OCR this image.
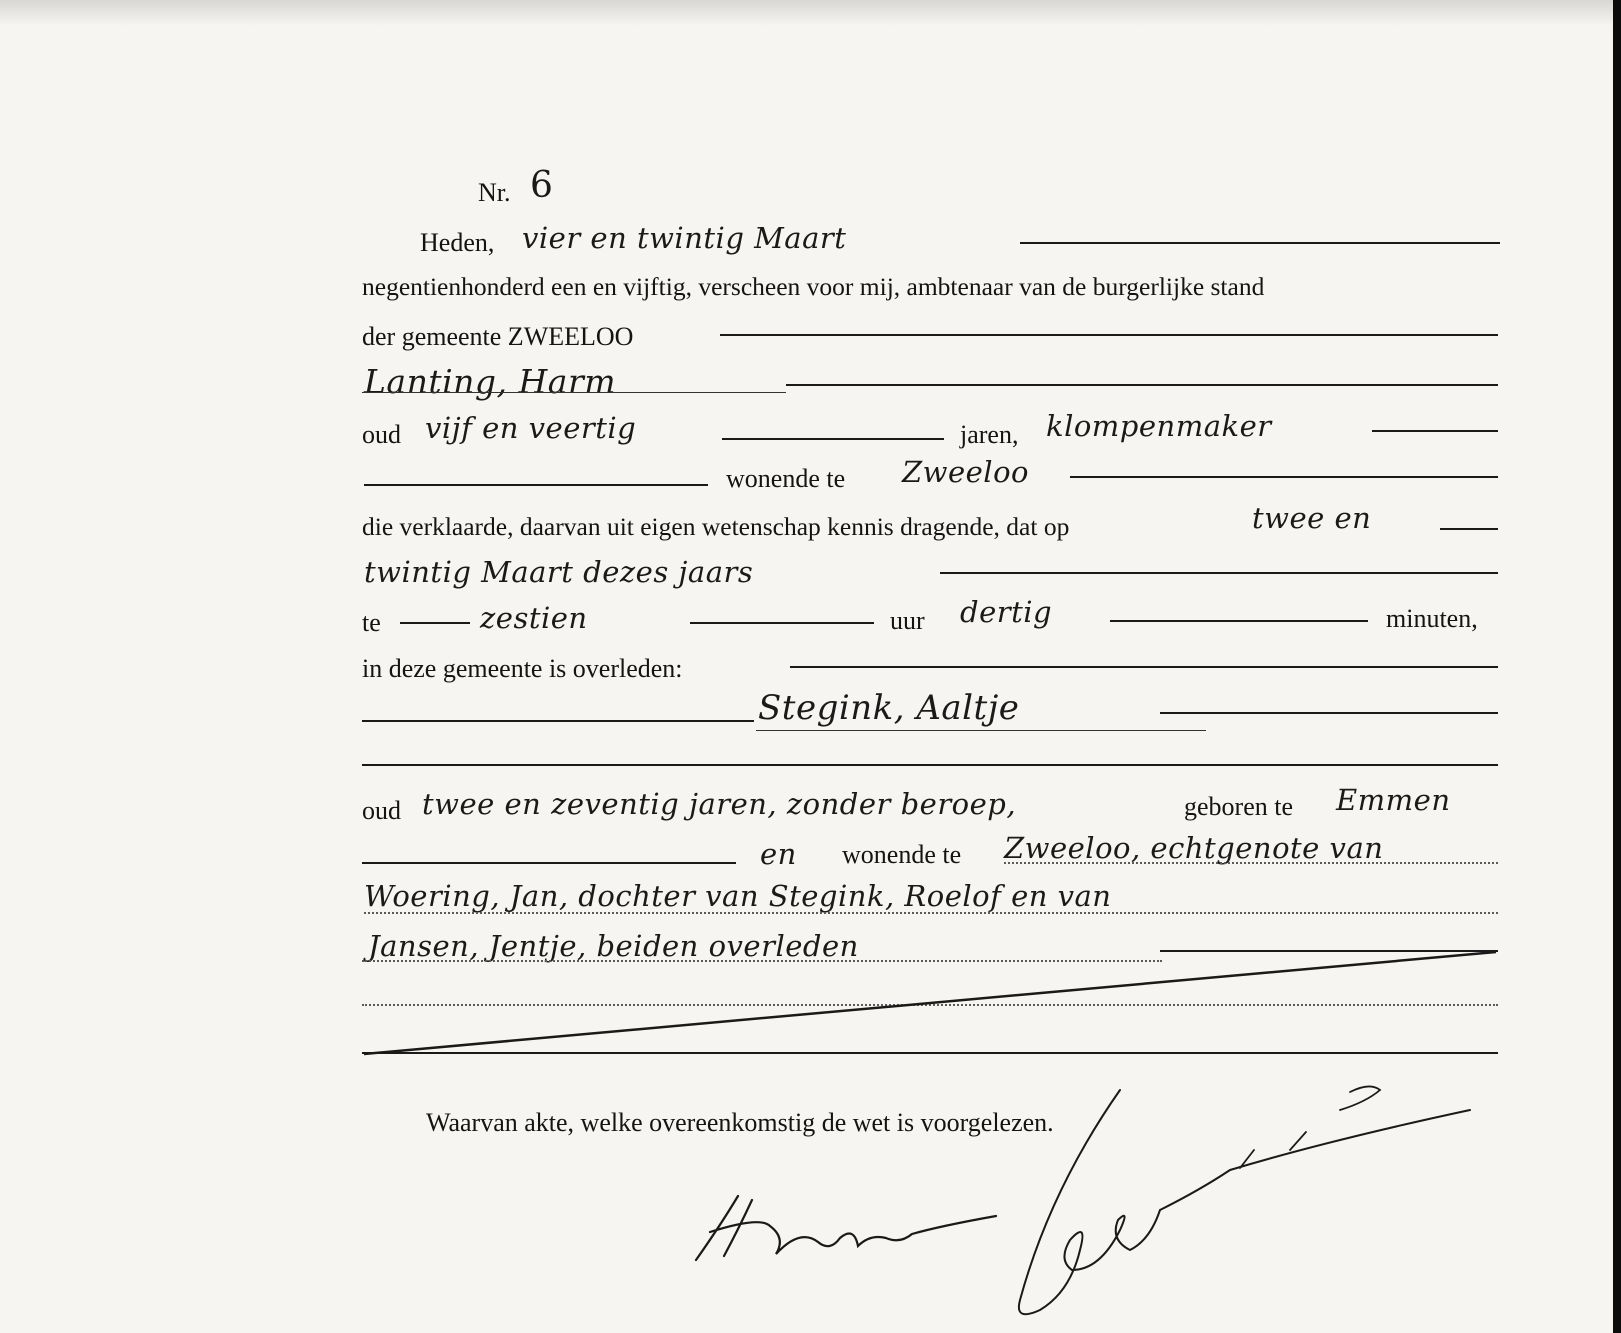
Nr. 6
Heden, vier en twintig Maart
negentienhonderd een en vijftig, verscheen voor mij, ambtenaar van de burgerlijke stand
der gemeente ZWEELOO
Lanting, Harm
oud vijf en veertig	jaren, klompenmaker
wonende te Zweeloo
die verklaarde, daarvan uit eigen wetenschap kennis dragende, dat op	twee en
twintig Maart dezes jaars
te	zestien	uur dertig	minuten,
in deze gemeente is overleden:
Stegink, Aaltje
oud twee en zeventig jaren, zonder beroep,	geboren te Emmen
en wonende te Zweeloo, echtgenote van
Woering, Jan, dochter van Stegink, Roelof en van
Jansen, Jentje, beiden overleden
Waarvan akte, welke overeenkomstig de wet is voorgelezen.
